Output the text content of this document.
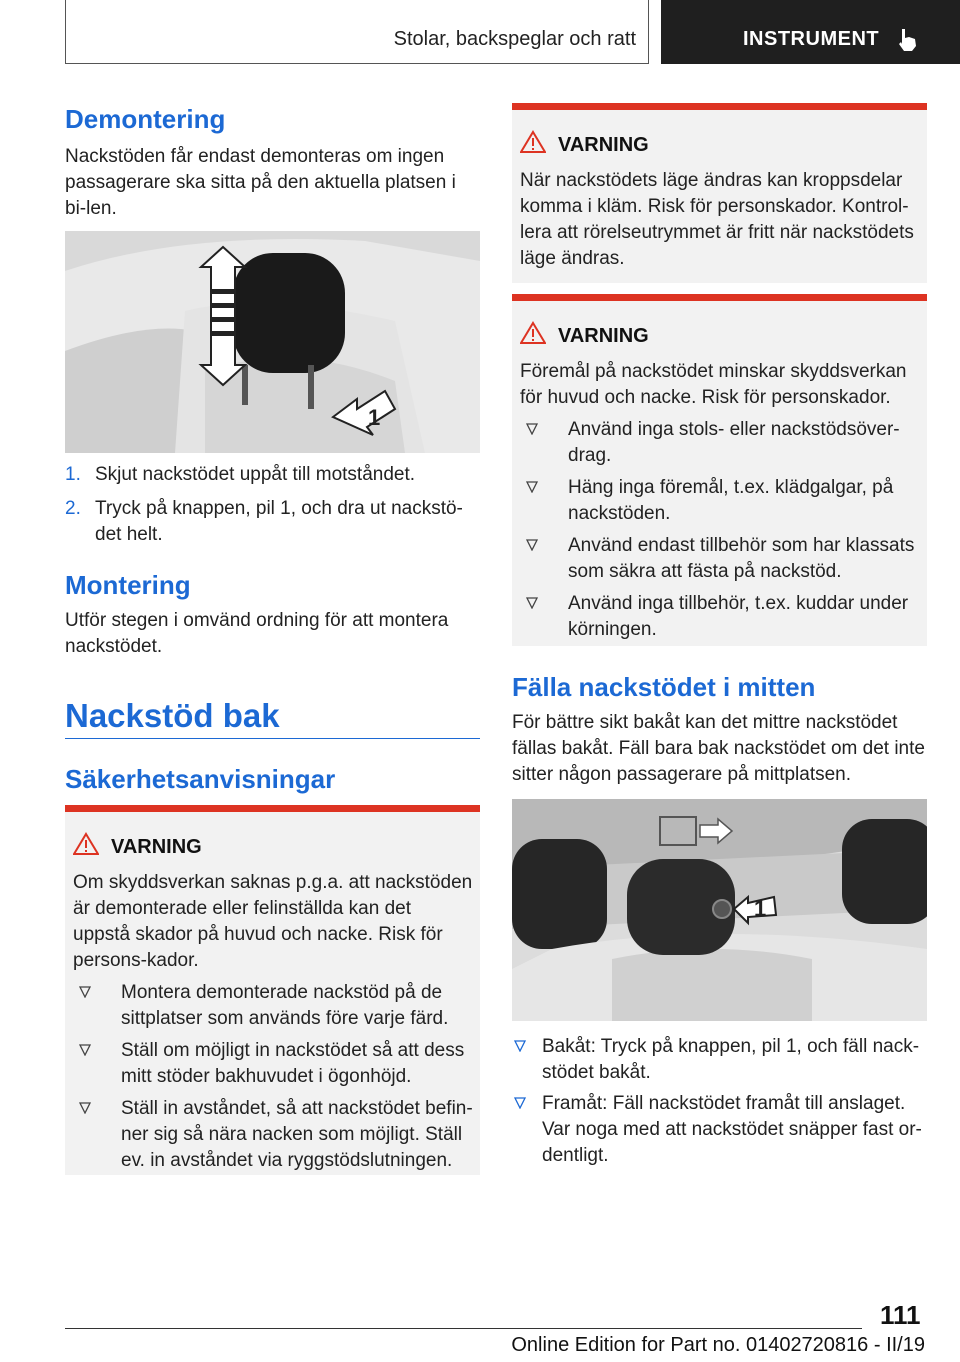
Stolar, backspeglar och ratt	INSTRUMENT
Demontering

Nackstöden får endast demonteras om ingen passagerare ska sitta på den aktuella platsen i bi-len.

1
1. Skjut nackstödet uppåt till motståndet.

2. Tryck på knappen, pil 1, och dra ut nackstö-det helt.

Montering

Utför stegen i omvänd ordning för att montera nackstödet.

Nackstöd bak
Säkerhetsanvisningar
VARNING

Om skyddsverkan saknas p.g.a. att nackstöden är demonterade eller felinställda kan det uppstå skador på huvud och nacke. Risk för persons-kador.

Montera demonterade nackstöd på de sittplatser som används före varje färd.

Ställ om möjligt in nackstödet så att dess mitt stöder bakhuvudet i ögonhöjd.

Ställ in avståndet, så att nackstödet befin-ner sig så nära nacken som möjligt. Ställ ev. in avståndet via ryggstödslutningen.

VARNING

När nackstödets läge ändras kan kroppsdelar komma i kläm. Risk för personskador. Kontrol-lera att rörelseutrymmet är fritt när nackstödets läge ändras.

VARNING

Föremål på nackstödet minskar skyddsverkan för huvud och nacke. Risk för personskador.

Använd inga stols- eller nackstödsöver-drag.

Häng inga föremål, t.ex. klädgalgar, på nackstöden.

Använd endast tillbehör som har klassats som säkra att fästa på nackstöd.

Använd inga tillbehör, t.ex. kuddar under körningen.

Fälla nackstödet i mitten

För bättre sikt bakåt kan det mittre nackstödet fällas bakåt. Fäll bara bak nackstödet om det inte sitter någon passagerare på mittplatsen.

1

Bakåt: Tryck på knappen, pil 1, och fäll nack-stödet bakåt.

Framåt: Fäll nackstödet framåt till anslaget. Var noga med att nackstödet snäpper fast or-dentligt.

111
Online Edition for Part no. 01402720816 - II/19
